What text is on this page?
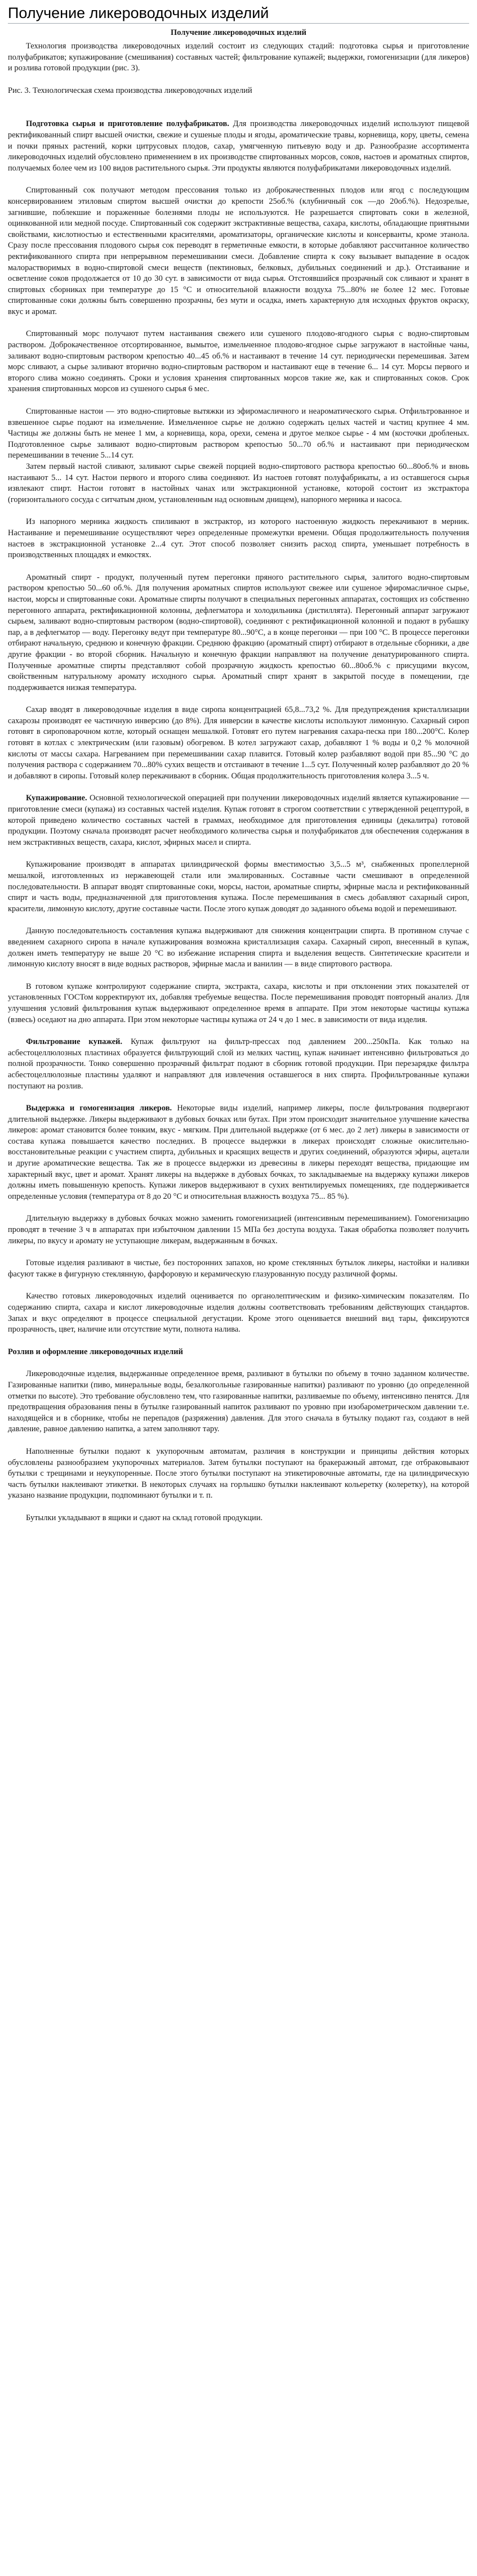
Получение ликероводочных изделий
Получение ликероводочных изделий

Технология производства ликероводочных изделий состоит из следующих стадий: подготовка сырья и приготовление полуфабрикатов; купажирование (смешивания) составных частей; фильтрование купажей; выдержки, гомогенизации (для ликеров) и розлива готовой продукции (рис. 3).

Рис. 3. Технологическая схема производства ликероводочных изделий

Подготовка сырья и приготовление полуфабрикатов. Для производства ликероводочных изделий используют пищевой ректификованный спирт высшей очистки, свежие и сушеные плоды и ягоды, ароматические травы, корневища, кору, цветы, семена и почки пряных растений, корки цитрусовых плодов, сахар, умягченную питьевую воду и др. Разнообразие ассортимента ликероводочных изделий обусловлено применением в их производстве спиртованных морсов, соков, настоев и ароматных спиртов, получаемых более чем из 100 видов растительного сырья. Эти продукты являются полуфабрикатами ликероводочных изделий.

Спиртованный сок получают методом прессования только из доброкачественных плодов или ягод с последующим консервированием этиловым спиртом высшей очистки до крепости 25об.% (клубничный сок —до 20об.%). Недозрелые, загнившие, поблекшие и пораженные болезнями плоды не используются. Не разрешается спиртовать соки в железной, оцинкованной или медной посуде. Спиртованный сок содержит экстрактивные вещества, сахара, кислоты, обладающие приятными свойствами, кислотностью и естественными красителями, ароматизаторы, органические кислоты и консерванты, кроме этанола. Сразу после прессования плодового сырья сок переводят в герметичные емкости, в которые добавляют рассчитанное количество ректификованного спирта при непрерывном перемешивании смеси. Добавление спирта к соку вызывает выпадение в осадок малорастворимых в водно-спиртовой смеси веществ (пектиновых, белковых, дубильных соединений и др.). Отстаивание и осветление соков продолжается от 10 до 30 сут. в зависимости от вида сырья. Отстоявшийся прозрачный сок сливают и хранят в спиртовых сборниках при температуре до 15 °C и относительной влажности воздуха 75...80% не более 12 мес. Готовые спиртованные соки должны быть совершенно прозрачны, без мути и осадка, иметь характерную для исходных фруктов окраску, вкус и аромат.

Спиртованный морс получают путем настаивания свежего или сушеного плодово-ягодного сырья с водно-спиртовым раствором. Доброкачественное отсортированное, вымытое, измельченное плодово-ягодное сырье загружают в настойные чаны, заливают водно-спиртовым раствором крепостью 40...45 об.% и настаивают в течение 14 сут. периодически перемешивая. Затем морс сливают, а сырье заливают вторично водно-спиртовым раствором и настаивают еще в течение 6... 14 сут. Морсы первого и второго слива можно соединять. Сроки и условия хранения спиртованных морсов такие же, как и спиртованных соков. Срок хранения спиртованных морсов из сушеного сырья 6 мес.

Спиртованные настои — это водно-спиртовые вытяжки из эфиромасличного и неароматического сырья. Отфильтрованное и взвешенное сырье подают на измельчение. Измельченное сырье не должно содержать целых частей и частиц крупнее 4 мм. Частицы же должны быть не менее 1 мм, а корневища, кора, орехи, семена и другое мелкое сырье - 4 мм (косточки дробленых. Подготовленное сырье заливают водно-спиртовым раствором крепостью 50...70 об.% и настаивают при периодическом перемешивании в течение 5...14 сут.

Затем первый настой сливают, заливают сырье свежей порцией водно-спиртового раствора крепостью 60...80об.% и вновь настаивают 5... 14 сут. Настои первого и второго слива соединяют. Из настоев готовят полуфабрикаты, а из оставшегося сырья извлекают спирт. Настои готовят в настойных чанах или экстракционной установке, которой состоит из экстрактора (горизонтального сосуда с ситчатым дном, установленным над основным днищем), напорного мерника и насоса.

Из напорного мерника жидкость спиливают в экстрактор, из которого настоенную жидкость перекачивают в мерник. Настаивание и перемешивание осуществляют через определенные промежутки времени. Общая продолжительность получения настоев в экстракционной установке 2...4 сут. Этот способ позволяет снизить расход спирта, уменьшает потребность в производственных площадях и емкостях.

Ароматный спирт - продукт, полученный путем перегонки пряного растительного сырья, залитого водно-спиртовым раствором крепостью 50...60 об.%. Для получения ароматных спиртов используют свежее или сушеное эфиромасличное сырье, настои, морсы и спиртованные соки. Ароматные спирты получают в специальных перегонных аппаратах, состоящих из собственно перегонного аппарата, ректификационной колонны, дефлегматора и холодильника (дистиллята). Перегонный аппарат загружают сырьем, заливают водно-спиртовым раствором (водно-спиртовой), соединяют с ректификационной колонной и подают в рубашку пар, а в дефлегматор — воду. Перегонку ведут при температуре 80...90°C, а в конце перегонки — при 100 °C. В процессе перегонки отбирают начальную, среднюю и конечную фракции. Среднюю фракцию (ароматный спирт) отбирают в отдельные сборники, а две другие фракции - во второй сборник. Начальную и конечную фракции направляют на получение денатурированного спирта. Полученные ароматные спирты представляют собой прозрачную жидкость крепостью 60...80об.% с присущими вкусом, свойственным натуральному аромату исходного сырья. Ароматный спирт хранят в закрытой посуде в помещении, где поддерживается низкая температура.

Сахар вводят в ликероводочные изделия в виде сиропа концентрацией 65,8...73,2 %. Для предупреждения кристаллизации сахарозы производят ее частичную инверсию (до 8%). Для инверсии в качестве кислоты используют лимонную. Сахарный сироп готовят в сироповарочном котле, который оснащен мешалкой. Готовят его путем нагревания сахара-песка при 180...200°C. Колер готовят в котлах с электрическим (или газовым) обогревом. В котел загружают сахар, добавляют 1 % воды и 0,2 % молочной кислоты от массы сахара. Нагреванием при перемешивании сахар плавится. Готовый колер разбавляют водой при 85...90 °C до получения раствора с содержанием 70...80% сухих веществ и отстаивают в течение 1...5 сут. Полученный колер разбавляют до 20 % и добавляют в сиропы. Готовый колер перекачивают в сборник. Общая продолжительность приготовления колера 3...5 ч.

Купажирование. Основной технологической операцией при получении ликероводочных изделий является купажирование — приготовление смеси (купажа) из составных частей изделия. Купаж готовят в строгом соответствии с утвержденной рецептурой, в которой приведено количество составных частей в граммах, необходимое для приготовления единицы (декалитра) готовой продукции. Поэтому сначала производят расчет необходимого количества сырья и полуфабрикатов для обеспечения содержания в нем экстрактивных веществ, сахара, кислот, эфирных масел и спирта.

Купажирование производят в аппаратах цилиндрической формы вместимостью 3,5...5 м³, снабженных пропеллерной мешалкой, изготовленных из нержавеющей стали или эмалированных. Составные части смешивают в определенной последовательности. В аппарат вводят спиртованные соки, морсы, настои, ароматные спирты, эфирные масла и ректификованный спирт и часть воды, предназначенной для приготовления купажа. После перемешивания в смесь добавляют сахарный сироп, красители, лимонную кислоту, другие составные части. После этого купаж доводят до заданного объема водой и перемешивают.

Данную последовательность составления купажа выдерживают для снижения концентрации спирта. В противном случае с введением сахарного сиропа в начале купажирования возможна кристаллизация сахара. Сахарный сироп, внесенный в купаж, должен иметь температуру не выше 20 °C во избежание испарения спирта и выделения веществ. Синтетические красители и лимонную кислоту вносят в виде водных растворов, эфирные масла и ванилин — в виде спиртового раствора.

В готовом купаже контролируют содержание спирта, экстракта, сахара, кислоты и при отклонении этих показателей от установленных ГОСТом корректируют их, добавляя требуемые вещества. После перемешивания проводят повторный анализ. Для улучшения условий фильтрования купаж выдерживают определенное время в аппарате. При этом некоторые частицы купажа (взвесь) оседают на дно аппарата. При этом некоторые частицы купажа от 24 ч до 1 мес. в зависимости от вида изделия.

Фильтрование купажей. Купаж фильтруют на фильтр-прессах под давлением 200...250кПа. Как только на асбестоцеллюлозных пластинах образуется фильтрующий слой из мелких частиц, купаж начинает интенсивно фильтроваться до полной прозрачности. Тонко совершенно прозрачный фильтрат подают в сборник готовой продукции. При перезарядке фильтра асбестоцеллюлозные пластины удаляют и направляют для извлечения оставшегося в них спирта. Профильтрованные купажи поступают на розлив.

Выдержка и гомогенизация ликеров. Некоторые виды изделий, например ликеры, после фильтрования подвергают длительной выдержке. Ликеры выдерживают в дубовых бочках или бутах. При этом происходит значительное улучшение качества ликеров: аромат становится более тонким, вкус - мягким. При длительной выдержке (от 6 мес. до 2 лет) ликеры в зависимости от состава купажа повышается качество последних. В процессе выдержки в ликерах происходят сложные окислительно-восстановительные реакции с участием спирта, дубильных и красящих веществ и других соединений, образуются эфиры, ацетали и другие ароматические вещества. Так же в процессе выдержки из древесины в ликеры переходят вещества, придающие им характерный вкус, цвет и аромат. Хранят ликеры на выдержке в дубовых бочках, то закладываемые на выдержку купажи ликеров должны иметь повышенную крепость. Купажи ликеров выдерживают в сухих вентилируемых помещениях, где поддерживается определенные условия (температура от 8 до 20 °C и относительная влажность воздуха 75... 85 %).

Длительную выдержку в дубовых бочках можно заменить гомогенизацией (интенсивным перемешиванием). Гомогенизацию проводят в течение 3 ч в аппаратах при избыточном давлении 15 МПа без доступа воздуха. Такая обработка позволяет получить ликеры, по вкусу и аромату не уступающие ликерам, выдержанным в бочках.

Готовые изделия разливают в чистые, без посторонних запахов, но кроме стеклянных бутылок ликеры, настойки и наливки фасуют также в фигурную стеклянную, фарфоровую и керамическую глазурованную посуду различной формы.

Качество готовых ликероводочных изделий оценивается по органолептическим и физико-химическим показателям. По содержанию спирта, сахара и кислот ликероводочные изделия должны соответствовать требованиям действующих стандартов. Запах и вкус определяют в процессе специальной дегустации. Кроме этого оценивается внешний вид тары, фиксируются прозрачность, цвет, наличие или отсутствие мути, полнота налива.

Розлив и оформление ликероводочных изделий

Ликероводочные изделия, выдержанные определенное время, разливают в бутылки по объему в точно заданном количестве. Газированные напитки (пиво, минеральные воды, безалкогольные газированные напитки) разливают по уровню (до определенной отметки по высоте). Это требование обусловлено тем, что газированные напитки, разливаемые по объему, интенсивно пенятся. Для предотвращения образования пены в бутылке газированный напиток разливают по уровню при изобарометрическом давлении т.е. находящейся и в сборнике, чтобы не перепадов (разряжения) давления. Для этого сначала в бутылку подают газ, создают в ней давление, равное давлению напитка, а затем заполняют тару.

Наполненные бутылки подают к укупорочным автоматам, различия в конструкции и принципы действия которых обусловлены разнообразием укупорочных материалов. Затем бутылки поступают на бракеражный автомат, где отбраковывают бутылки с трещинами и неукупоренные. После этого бутылки поступают на этикетировочные автоматы, где на цилиндрическую часть бутылки наклеивают этикетки. В некоторых случаях на горлышко бутылки наклеивают кольеретку (колеретку), на которой указано название продукции, подпоминают бутылки и т. п.

Бутылки укладывают в ящики и сдают на склад готовой продукции.
